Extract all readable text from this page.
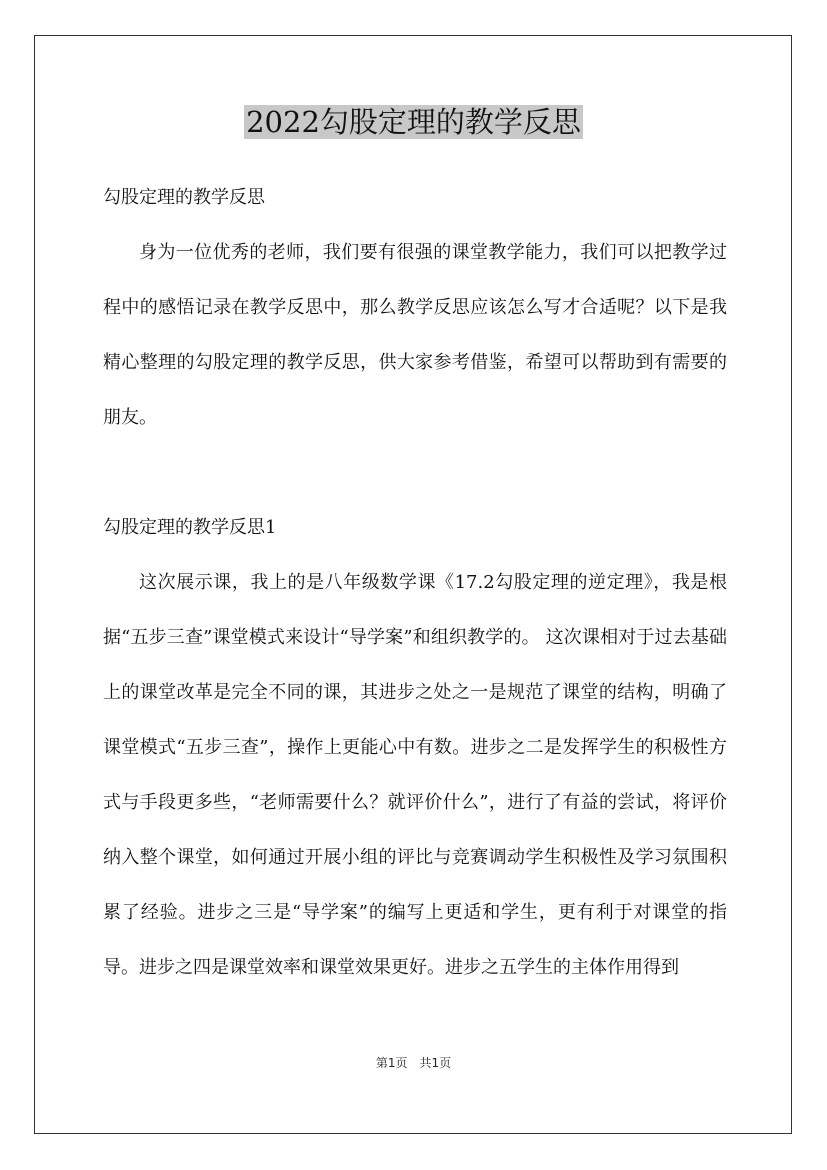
2022勾股定理的教学反思

勾股定理的教学反思

身为一位优秀的老师，我们要有很强的课堂教学能力，我们可以把教学过程中的感悟记录在教学反思中，那么教学反思应该怎么写才合适呢？以下是我精心整理的勾股定理的教学反思，供大家参考借鉴，希望可以帮助到有需要的朋友。

勾股定理的教学反思1

这次展示课，我上的是八年级数学课《17.2勾股定理的逆定理》，我是根据“五步三查”课堂模式来设计“导学案”和组织教学的。 这次课相对于过去基础上的课堂改革是完全不同的课，其进步之处之一是规范了课堂的结构，明确了课堂模式“五步三查”，操作上更能心中有数。进步之二是发挥学生的积极性方式与手段更多些，“老师需要什么？就评价什么”，进行了有益的尝试，将评价纳入整个课堂，如何通过开展小组的评比与竞赛调动学生积极性及学习氛围积累了经验。进步之三是“导学案”的编写上更适和学生，更有利于对课堂的指导。进步之四是课堂效率和课堂效果更好。进步之五学生的主体作用得到

第1页　共1页
